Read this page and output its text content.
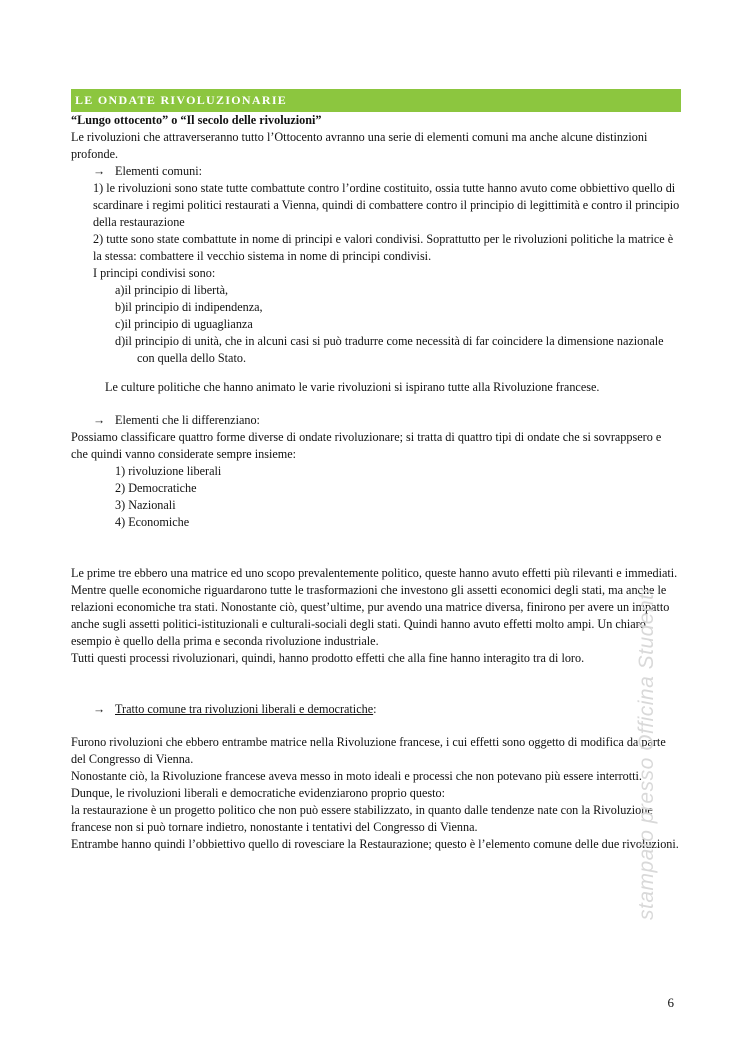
LE ONDATE RIVOLUZIONARIE

“Lungo ottocento” o “Il secolo delle rivoluzioni”

Le rivoluzioni che attraverseranno tutto l’Ottocento avranno una serie di elementi comuni ma anche alcune distinzioni profonde.

→ Elementi comuni:

1) le rivoluzioni sono state tutte combattute contro l’ordine costituito, ossia tutte hanno avuto come obbiettivo quello di scardinare i regimi politici restaurati a Vienna, quindi di combattere contro il principio di legittimità e contro il principio della restaurazione

2) tutte sono state combattute in nome di principi e valori condivisi. Soprattutto per le rivoluzioni politiche la matrice è la stessa: combattere il vecchio sistema in nome di principi condivisi.

I principi condivisi sono:

a)il principio di libertà,

b)il principio di indipendenza,

c)il principio di uguaglianza

d)il principio di unità, che in alcuni casi si può tradurre come necessità di far coincidere la dimensione nazionale con quella dello Stato.

Le culture politiche che hanno animato le varie rivoluzioni si ispirano tutte alla Rivoluzione francese.

→ Elementi che li differenziano:

Possiamo classificare quattro forme diverse di ondate rivoluzionare; si tratta di quattro tipi di ondate che si sovrappsero e che quindi vanno considerate sempre insieme:

1) rivoluzione liberali

2) Democratiche

3) Nazionali

4) Economiche

Le prime tre ebbero una matrice ed uno scopo prevalentemente politico, queste hanno avuto effetti più rilevanti e immediati.

Mentre quelle economiche riguardarono tutte le trasformazioni che investono gli assetti economici degli stati, ma anche le relazioni economiche tra stati. Nonostante ciò, quest’ultime, pur avendo una matrice diversa, finirono per avere un impatto anche sugli assetti politici-istituzionali e culturali-sociali degli stati. Quindi hanno avuto effetti molto ampi. Un chiaro esempio è quello della prima e seconda rivoluzione industriale.

Tutti questi processi rivoluzionari, quindi, hanno prodotto effetti che alla fine hanno interagito tra di loro.

→ Tratto comune tra rivoluzioni liberali e democratiche:

Furono rivoluzioni che ebbero entrambe matrice nella Rivoluzione francese, i cui effetti sono oggetto di modifica da parte del Congresso di Vienna.

Nonostante ciò, la Rivoluzione francese aveva messo in moto ideali e processi che non potevano più essere interrotti.

Dunque, le rivoluzioni liberali e democratiche evidenziarono proprio questo:

la restaurazione è un progetto politico che non può essere stabilizzato, in quanto dalle tendenze nate con la Rivoluzione francese non si può tornare indietro, nonostante i tentativi del Congresso di Vienna.

Entrambe hanno quindi l’obbiettivo quello di rovesciare la Restaurazione; questo è l’elemento comune delle due rivoluzioni.

stampato presso Officina Studenti
6
